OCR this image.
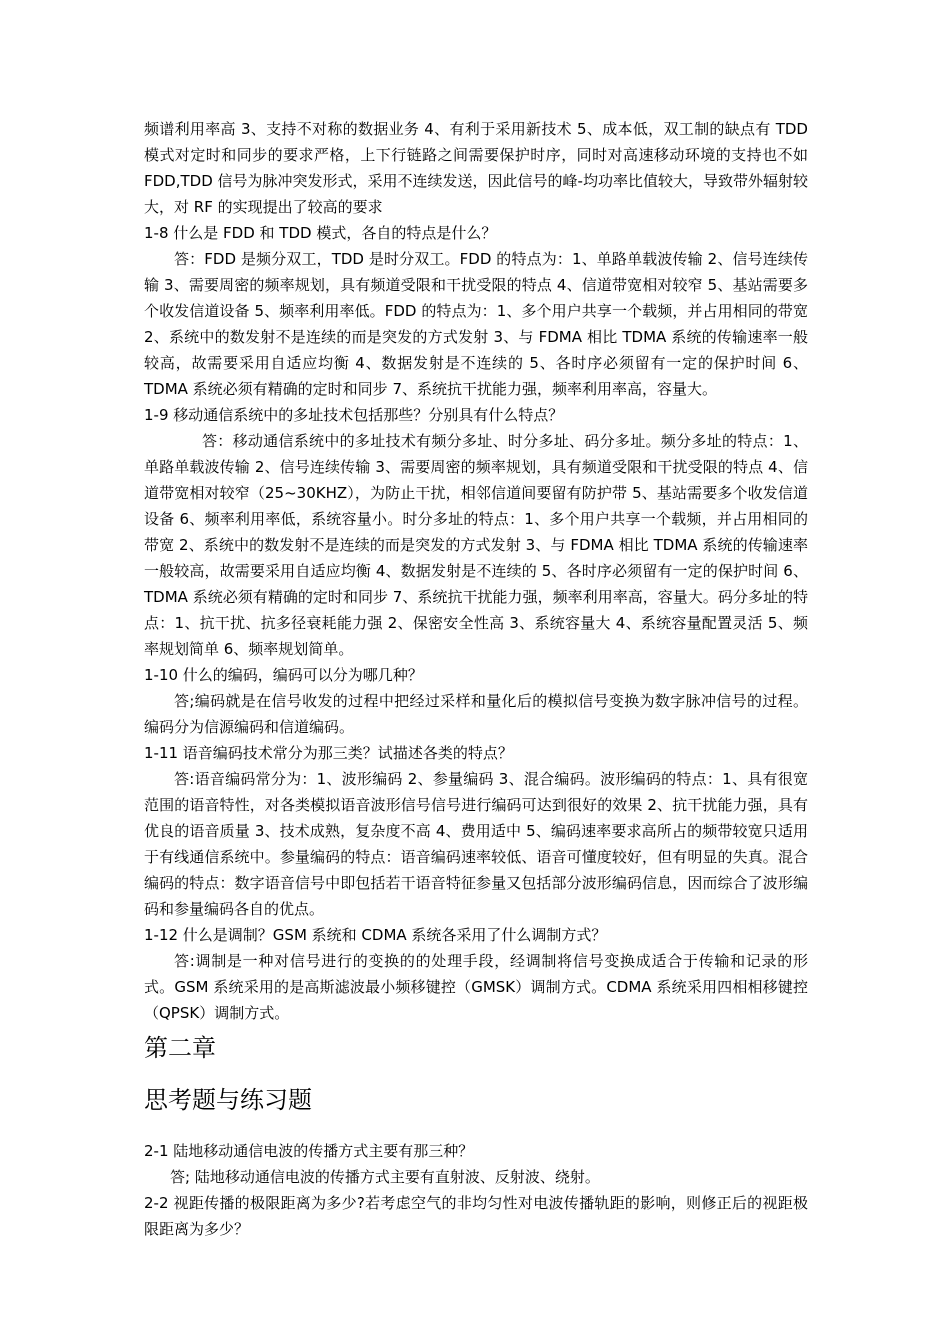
频谱利用率高 3、支持不对称的数据业务 4、有利于采用新技术 5、成本低，双工制的缺点有 TDD 模式对定时和同步的要求严格，上下行链路之间需要保护时序，同时对高速移动环境的支持也不如 FDD,TDD 信号为脉冲突发形式，采用不连续发送，因此信号的峰-均功率比值较大，导致带外辐射较大，对 RF 的实现提出了较高的要求

1-8 什么是 FDD 和 TDD 模式，各自的特点是什么？

答：FDD 是频分双工，TDD 是时分双工。FDD 的特点为：1、单路单载波传输 2、信号连续传输 3、需要周密的频率规划，具有频道受限和干扰受限的特点 4、信道带宽相对较窄 5、基站需要多个收发信道设备 5、频率利用率低。FDD 的特点为：1、多个用户共享一个载频，并占用相同的带宽 2、系统中的数发射不是连续的而是突发的方式发射 3、与 FDMA 相比 TDMA 系统的传输速率一般较高，故需要采用自适应均衡 4、数据发射是不连续的 5、各时序必须留有一定的保护时间 6、TDMA 系统必须有精确的定时和同步 7、系统抗干扰能力强，频率利用率高，容量大。

1-9 移动通信系统中的多址技术包括那些？分别具有什么特点？

答：移动通信系统中的多址技术有频分多址、时分多址、码分多址。频分多址的特点：1、单路单载波传输 2、信号连续传输 3、需要周密的频率规划，具有频道受限和干扰受限的特点 4、信道带宽相对较窄（25~30KHZ），为防止干扰，相邻信道间要留有防护带 5、基站需要多个收发信道设备 6、频率利用率低，系统容量小。时分多址的特点：1、多个用户共享一个载频，并占用相同的带宽 2、系统中的数发射不是连续的而是突发的方式发射 3、与 FDMA 相比 TDMA 系统的传输速率一般较高，故需要采用自适应均衡 4、数据发射是不连续的 5、各时序必须留有一定的保护时间 6、TDMA 系统必须有精确的定时和同步 7、系统抗干扰能力强，频率利用率高，容量大。码分多址的特点：1、抗干扰、抗多径衰耗能力强 2、保密安全性高 3、系统容量大 4、系统容量配置灵活 5、频率规划简单 6、频率规划简单。

1-10 什么的编码，编码可以分为哪几种？

答;编码就是在信号收发的过程中把经过采样和量化后的模拟信号变换为数字脉冲信号的过程。编码分为信源编码和信道编码。

1-11 语音编码技术常分为那三类？试描述各类的特点？

答:语音编码常分为：1、波形编码 2、参量编码 3、混合编码。波形编码的特点：1、具有很宽范围的语音特性，对各类模拟语音波形信号信号进行编码可达到很好的效果 2、抗干扰能力强，具有优良的语音质量 3、技术成熟，复杂度不高 4、费用适中 5、编码速率要求高所占的频带较宽只适用于有线通信系统中。参量编码的特点：语音编码速率较低、语音可懂度较好，但有明显的失真。混合编码的特点：数字语音信号中即包括若干语音特征参量又包括部分波形编码信息，因而综合了波形编码和参量编码各自的优点。

1-12 什么是调制？GSM 系统和 CDMA 系统各采用了什么调制方式？

答:调制是一种对信号进行的变换的的处理手段，经调制将信号变换成适合于传输和记录的形式。GSM 系统采用的是高斯滤波最小频移键控（GMSK）调制方式。CDMA 系统采用四相相移键控（QPSK）调制方式。

第二章

思考题与练习题

2-1 陆地移动通信电波的传播方式主要有那三种？

答; 陆地移动通信电波的传播方式主要有直射波、反射波、绕射。

2-2 视距传播的极限距离为多少?若考虑空气的非均匀性对电波传播轨距的影响，则修正后的视距极限距离为多少？
